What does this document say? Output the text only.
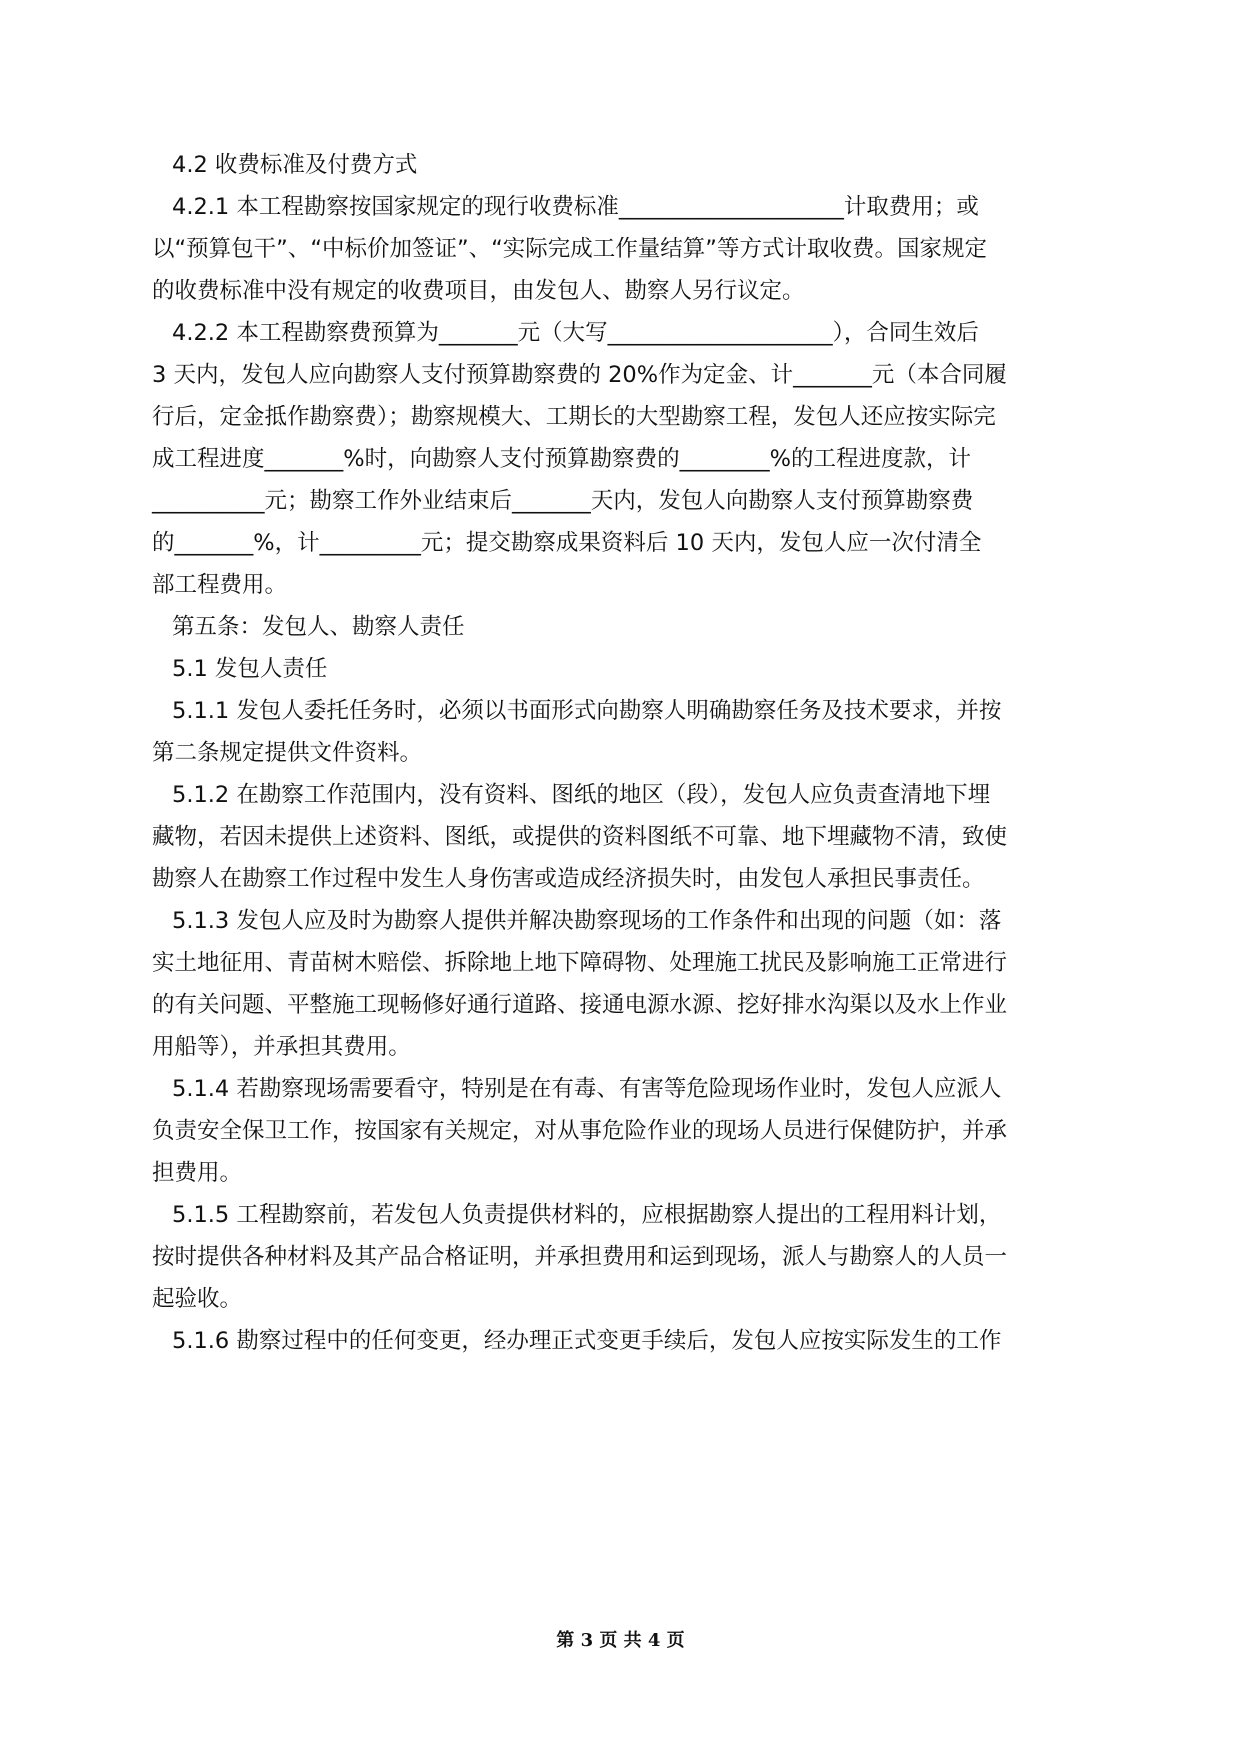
4.2 收费标准及付费方式
4.2.1 本工程勘察按国家规定的现行收费标准____________________计取费用；或
以“预算包干”、“中标价加签证”、“实际完成工作量结算”等方式计取收费。国家规定
的收费标准中没有规定的收费项目，由发包人、勘察人另行议定。
4.2.2 本工程勘察费预算为_______元（大写____________________），合同生效后
3 天内，发包人应向勘察人支付预算勘察费的 20%作为定金、计_______元（本合同履
行后，定金抵作勘察费）；勘察规模大、工期长的大型勘察工程，发包人还应按实际完
成工程进度_______%时，向勘察人支付预算勘察费的________%的工程进度款，计
__________元；勘察工作外业结束后_______天内，发包人向勘察人支付预算勘察费
的_______%，计_________元；提交勘察成果资料后 10 天内，发包人应一次付清全
部工程费用。
第五条：发包人、勘察人责任
5.1 发包人责任
5.1.1 发包人委托任务时，必须以书面形式向勘察人明确勘察任务及技术要求，并按
第二条规定提供文件资料。
5.1.2 在勘察工作范围内，没有资料、图纸的地区（段），发包人应负责查清地下埋
藏物，若因未提供上述资料、图纸，或提供的资料图纸不可靠、地下埋藏物不清，致使
勘察人在勘察工作过程中发生人身伤害或造成经济损失时，由发包人承担民事责任。
5.1.3 发包人应及时为勘察人提供并解决勘察现场的工作条件和出现的问题（如：落
实土地征用、青苗树木赔偿、拆除地上地下障碍物、处理施工扰民及影响施工正常进行
的有关问题、平整施工现畅修好通行道路、接通电源水源、挖好排水沟渠以及水上作业
用船等），并承担其费用。
5.1.4 若勘察现场需要看守，特别是在有毒、有害等危险现场作业时，发包人应派人
负责安全保卫工作，按国家有关规定，对从事危险作业的现场人员进行保健防护，并承
担费用。
5.1.5 工程勘察前，若发包人负责提供材料的，应根据勘察人提出的工程用料计划，
按时提供各种材料及其产品合格证明，并承担费用和运到现场，派人与勘察人的人员一
起验收。
5.1.6 勘察过程中的任何变更，经办理正式变更手续后，发包人应按实际发生的工作
第 3 页 共 4 页
